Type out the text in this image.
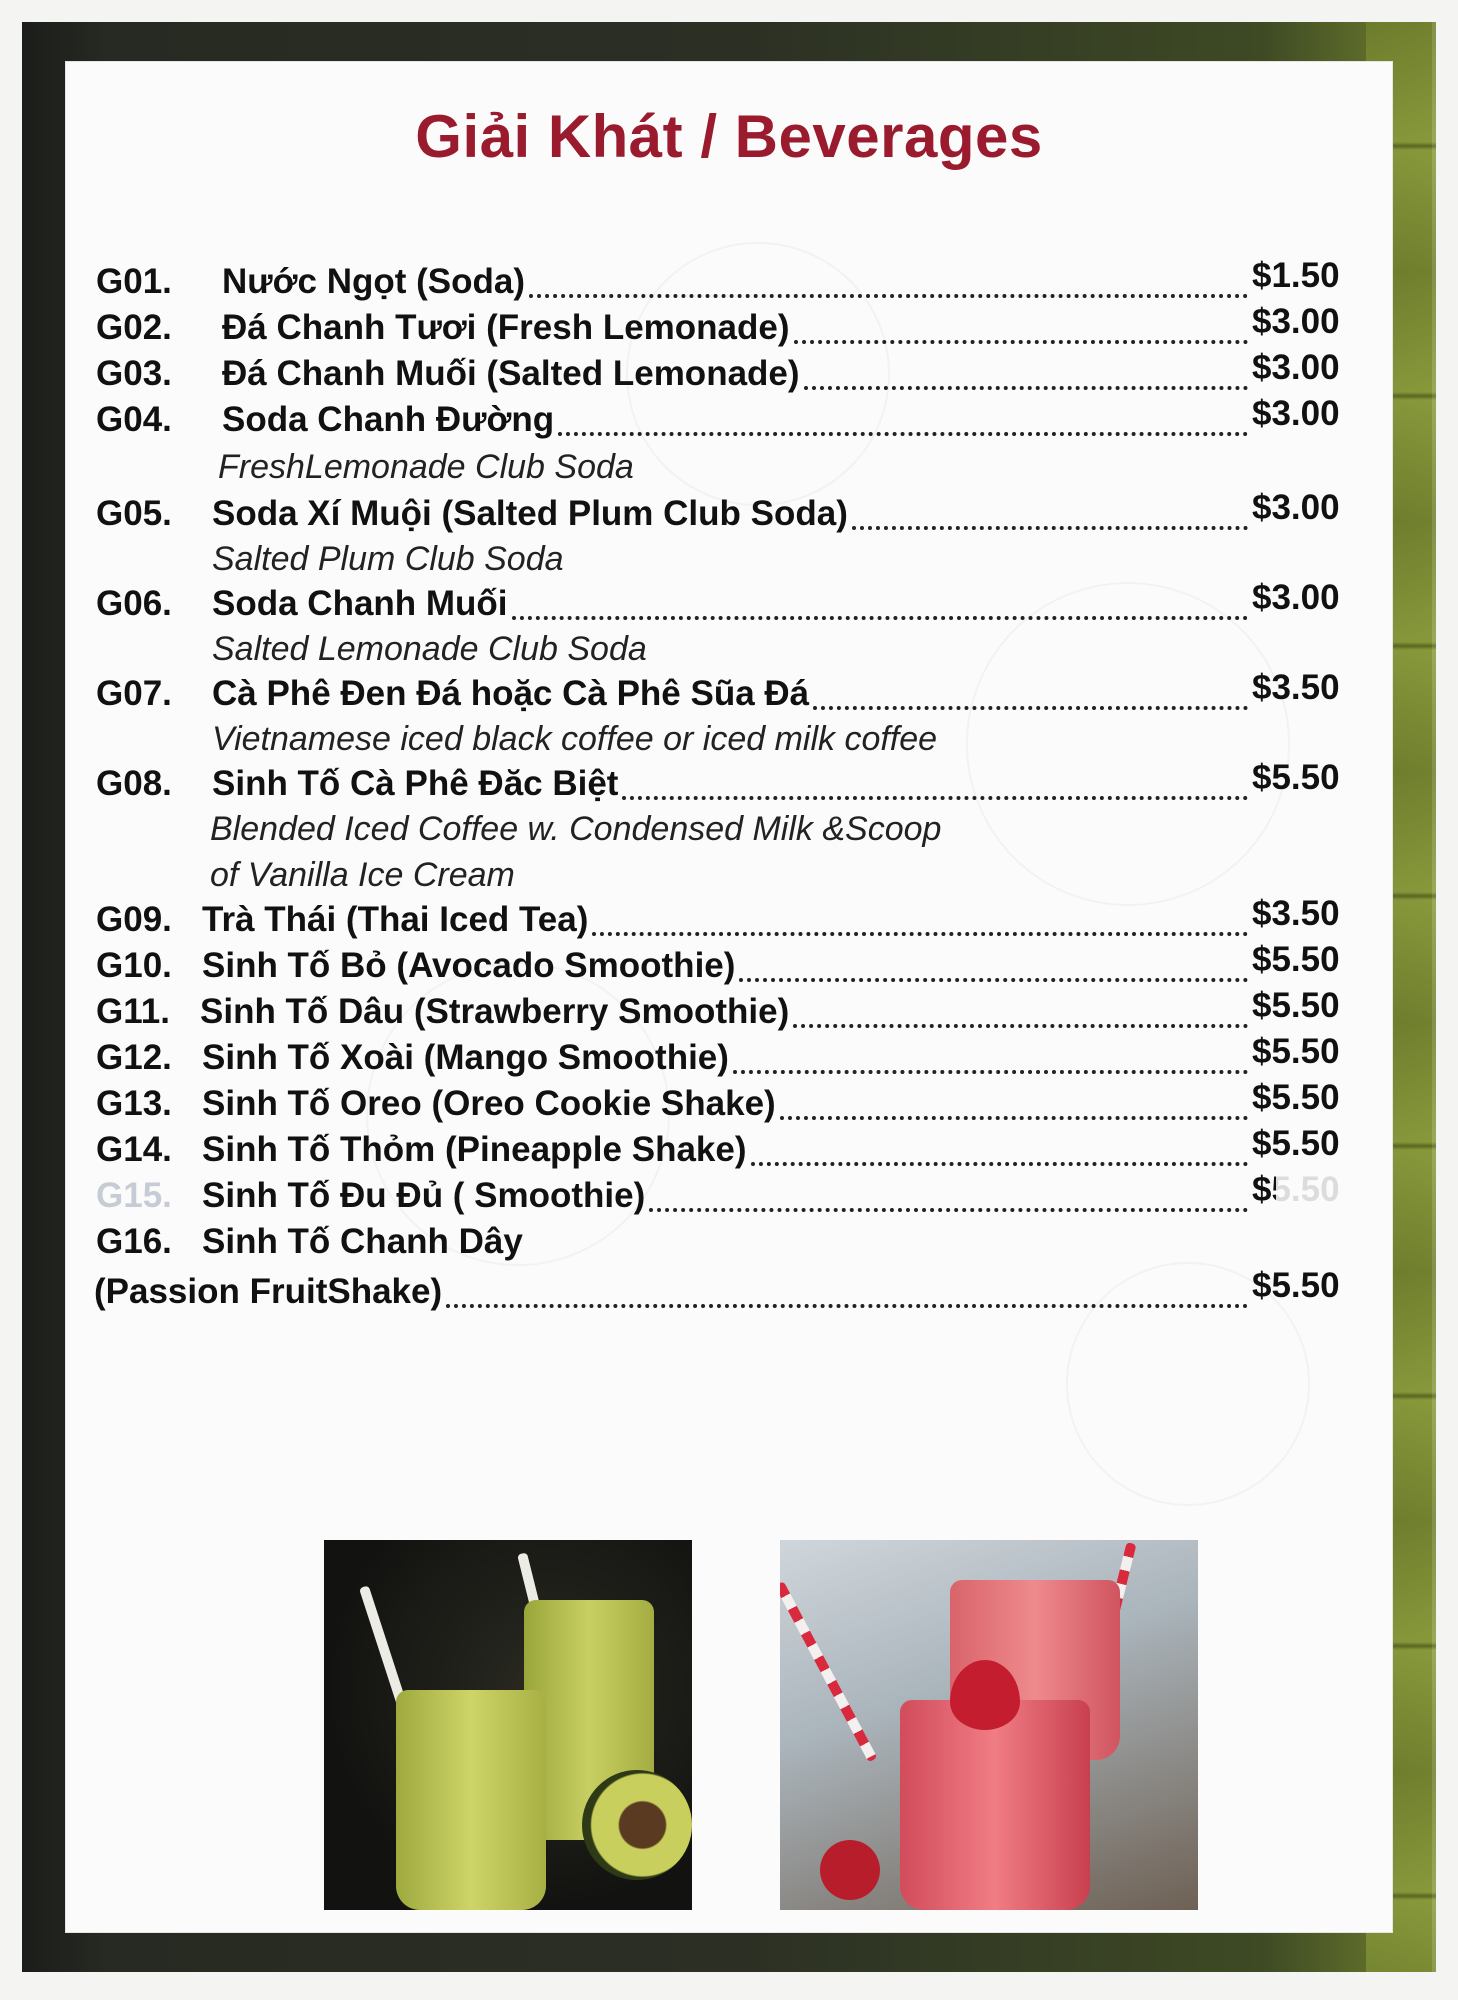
Giải Khát / Beverages
G01. Nước Ngọt (Soda)	$1.50
G02. Đá Chanh Tươi (Fresh Lemonade)	$3.00
G03. Đá Chanh Muối (Salted Lemonade)	$3.00
G04. Soda Chanh Đường	$3.00
FreshLemonade Club Soda
G05. Soda Xí Muội (Salted Plum Club Soda)	$3.00
Salted Plum Club Soda
G06. Soda Chanh Muối	$3.00
Salted Lemonade Club Soda
G07. Cà Phê Đen Đá hoặc Cà Phê Sũa Đá	$3.50
Vietnamese iced black coffee or iced milk coffee
G08. Sinh Tố Cà Phê Đăc Biệt	$5.50
Blended Iced Coffee w. Condensed Milk &Scoop
of Vanilla Ice Cream
G09. Trà Thái (Thai Iced Tea)	$3.50
G10. Sinh Tố Bỏ (Avocado Smoothie)	$5.50
G11. Sinh Tố Dâu (Strawberry Smoothie)	$5.50
G12. Sinh Tố Xoài (Mango Smoothie)	$5.50
G13. Sinh Tố Oreo (Oreo Cookie Shake)	$5.50
G14. Sinh Tố Thỏm (Pineapple Shake)	$5.50
G15. Sinh Tố Đu Đủ ( Smoothie)	$5.50
G16. Sinh Tố Chanh Dây
(Passion FruitShake)	$5.50
